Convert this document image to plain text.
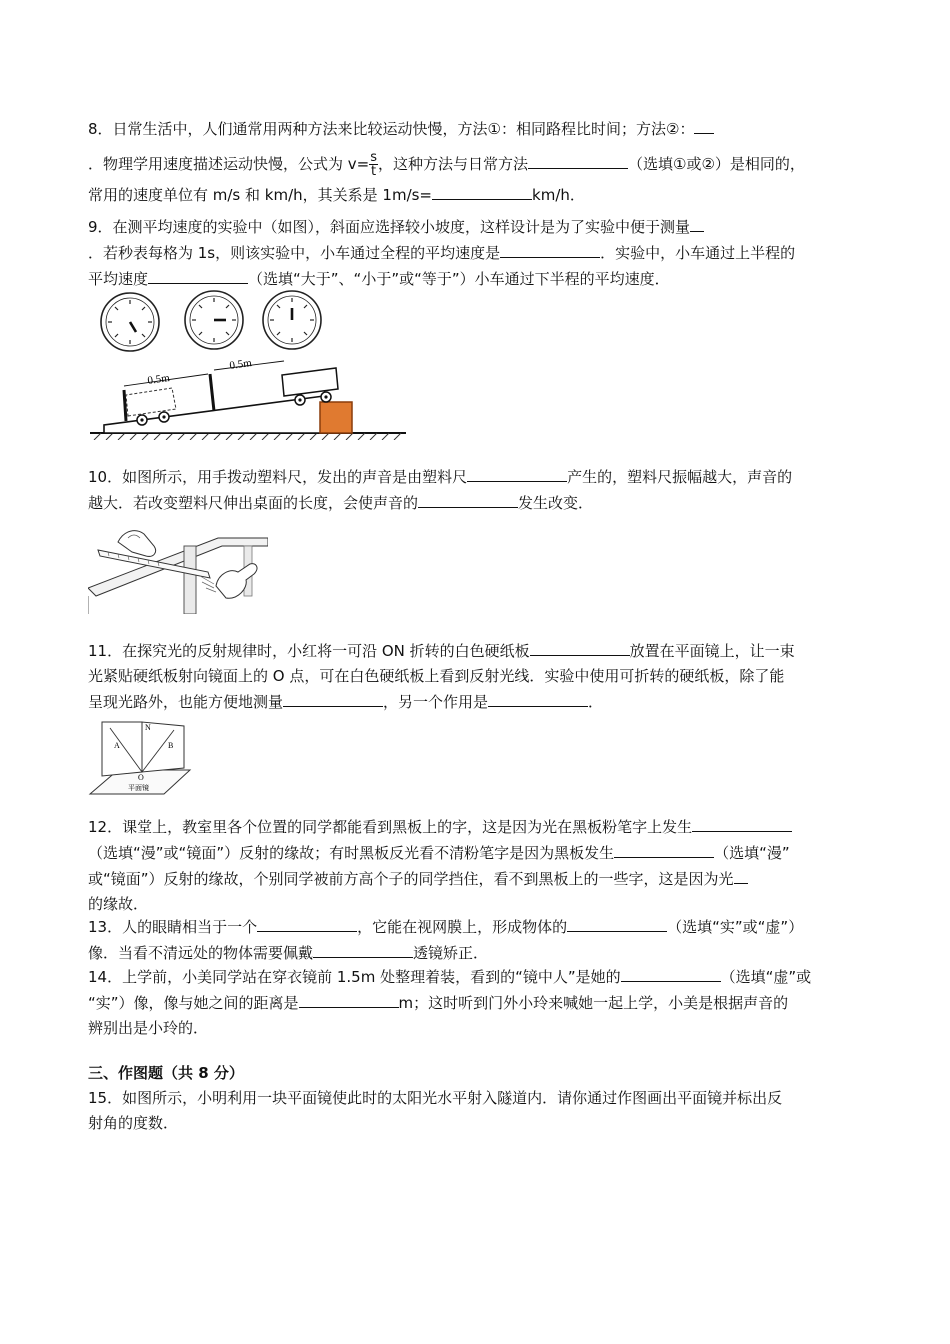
8．日常生活中，人们通常用两种方法来比较运动快慢，方法①：相同路程比时间；方法②：
．物理学用速度描述运动快慢，公式为 $v= \frac{s}{t}$ ，这种方法与日常方法	（选填①或②）是相同的，
常用的速度单位有 m/s 和 km/h，其关系是 1m/s=	km/h．
9．在测平均速度的实验中（如图），斜面应选择较小坡度，这样设计是为了实验中便于测量
．若秒表每格为 1s，则该实验中，小车通过全程的平均速度是	．实验中，小车通过上半程的
平均速度	（选填“大于”、“小于”或“等于”）小车通过下半程的平均速度．
0.5m
0.5m
10．如图所示，用手拨动塑料尺，发出的声音是由塑料尺	产生的，塑料尺振幅越大，声音的
越大．若改变塑料尺伸出桌面的长度，会使声音的	发生改变．
11．在探究光的反射规律时，小红将一可沿 ON 折转的白色硬纸板	放置在平面镜上，让一束
光紧贴硬纸板射向镜面上的 O 点，可在白色硬纸板上看到反射光线．实验中使用可折转的硬纸板，除了能
呈现光路外，也能方便地测量	，另一个作用是	．
N
A	B
O
平面镜
12．课堂上，教室里各个位置的同学都能看到黑板上的字，这是因为光在黑板粉笔字上发生
（选填“漫”或“镜面”）反射的缘故；有时黑板反光看不清粉笔字是因为黑板发生	（选填“漫”
或“镜面”）反射的缘故，个别同学被前方高个子的同学挡住，看不到黑板上的一些字，这是因为光
的缘故．
13．人的眼睛相当于一个	，它能在视网膜上，形成物体的	（选填“实”或“虚”）
像．当看不清远处的物体需要佩戴	透镜矫正．
14．上学前，小美同学站在穿衣镜前 1.5m 处整理着装，看到的“镜中人”是她的	（选填“虚”或
“实”）像，像与她之间的距离是	m；这时听到门外小玲来喊她一起上学，小美是根据声音的
辨别出是小玲的．
三、作图题（共 8 分）
15．如图所示，小明利用一块平面镜使此时的太阳光水平射入隧道内．请你通过作图画出平面镜并标出反
射角的度数．
